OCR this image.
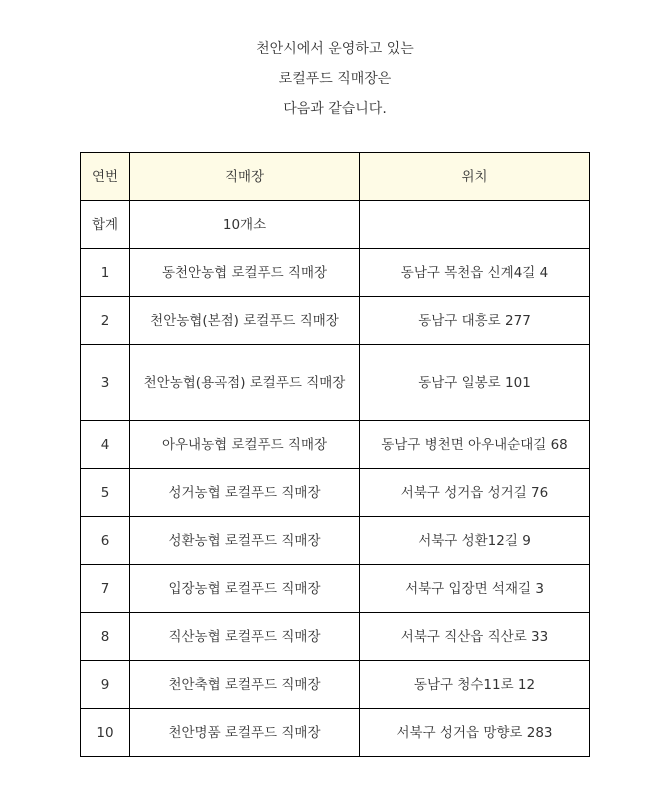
천안시에서 운영하고 있는
로컬푸드 직매장은
다음과 같습니다.
연번	직매장	위치
합계	10개소	
1	동천안농협 로컬푸드 직매장	동남구 목천읍 신계4길 4
2	천안농협(본점) 로컬푸드 직매장	동남구 대흥로 277
3	천안농협(용곡점) 로컬푸드 직매장	동남구 일봉로 101
4	아우내농협 로컬푸드 직매장	동남구 병천면 아우내순대길 68
5	성거농협 로컬푸드 직매장	서북구 성거읍 성거길 76
6	성환농협 로컬푸드 직매장	서북구 성환12길 9
7	입장농협 로컬푸드 직매장	서북구 입장면 석재길 3
8	직산농협 로컬푸드 직매장	서북구 직산읍 직산로 33
9	천안축협 로컬푸드 직매장	동남구 청수11로 12
10	천안명품 로컬푸드 직매장	서북구 성거읍 망향로 283
